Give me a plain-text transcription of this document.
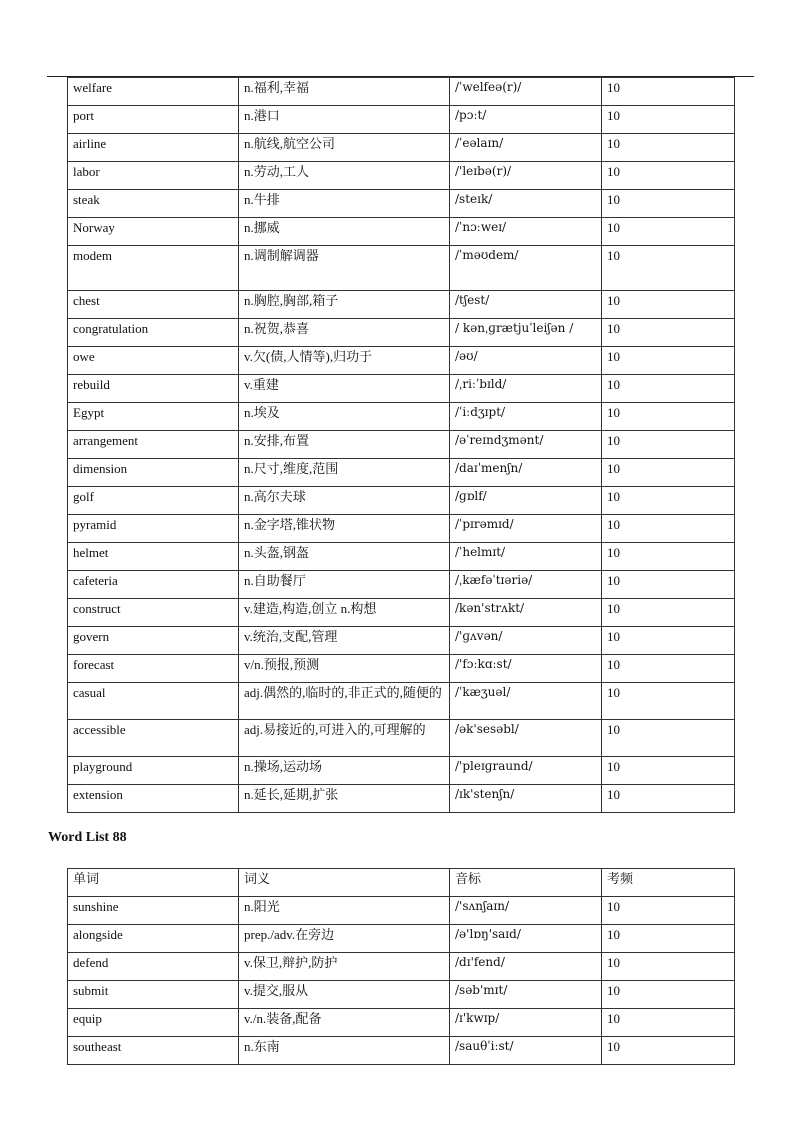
welfare	n.福利,幸福	/ˈwelfeə(r)/	10
port	n.港口	/pɔːt/	10
airline	n.航线,航空公司	/ˈeəlaɪn/	10
labor	n.劳动,工人	/'leɪbə(r)/	10
steak	n.牛排	/steɪk/	10
Norway	n.挪威	/ˈnɔːweɪ/	10
modem	n.调制解调器	/ˈməʊdem/	10
chest	n.胸腔,胸部,箱子	/tʃest/	10
congratulation	n.祝贺,恭喜	/ kənˌɡrætjuˈleiʃən /	10
owe	v.欠(债,人情等),归功于	/əʊ/	10
rebuild	v.重建	/ˌriːˈbɪld/	10
Egypt	n.埃及	/ˈiːdʒɪpt/	10
arrangement	n.安排,布置	/əˈreɪndʒmənt/	10
dimension	n.尺寸,维度,范围	/daɪˈmenʃn/	10
golf	n.高尔夫球	/ɡɒlf/	10
pyramid	n.金字塔,锥状物	/ˈpɪrəmɪd/	10
helmet	n.头盔,钢盔	/ˈhelmɪt/	10
cafeteria	n.自助餐厅	/ˌkæfəˈtɪəriə/	10
construct	v.建造,构造,创立 n.构想	/kən'strʌkt/	10
govern	v.统治,支配,管理	/'ɡʌvən/	10
forecast	v/n.预报,预测	/'fɔːkɑːst/	10
casual	adj.偶然的,临时的,非正式的,随便的	/ˈkæʒuəl/	10
accessible	adj.易接近的,可进入的,可理解的	/ək'sesəbl/	10
playground	n.操场,运动场	/'pleɪɡraund/	10
extension	n.延长,延期,扩张	/ɪk'stenʃn/	10
Word List 88
单词	词义	音标	考频
sunshine	n.阳光	/'sʌnʃaɪn/	10
alongside	prep./adv.在旁边	/ə'lɒŋ'saɪd/	10
defend	v.保卫,辩护,防护	/dɪ'fend/	10
submit	v.提交,服从	/səb'mɪt/	10
equip	v./n.装备,配备	/ɪ'kwɪp/	10
southeast	n.东南	/sauθˈiːst/	10
